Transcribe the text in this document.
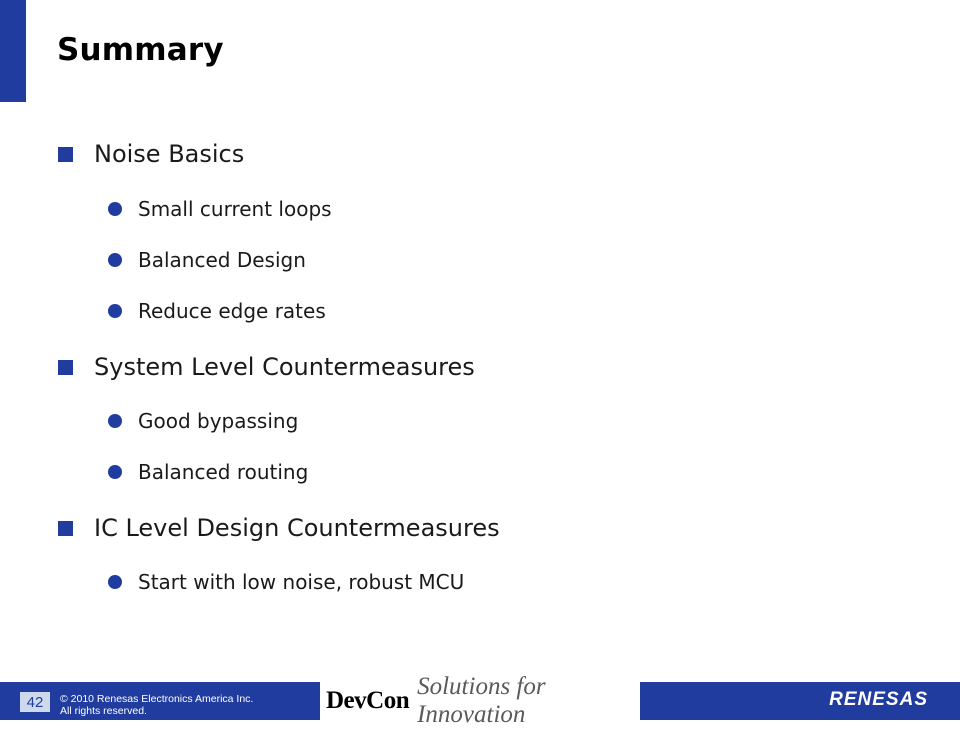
Summary
Noise Basics
Small current loops
Balanced Design
Reduce edge rates
System Level Countermeasures
Good bypassing
Balanced routing
IC Level Design Countermeasures
Start with low noise, robust MCU
42	© 2010 Renesas Electronics America Inc.
All rights reserved.	DevCon
Solutions for Innovation
RENESAS
